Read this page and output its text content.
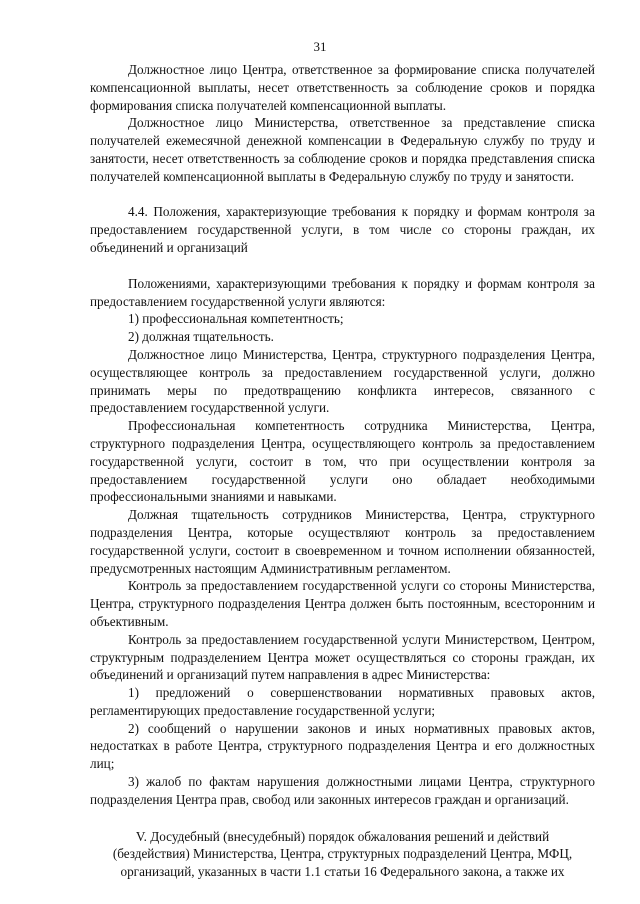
31

Должностное лицо Центра, ответственное за формирование списка получателей компенсационной выплаты, несет ответственность за соблюдение сроков и порядка формирования списка получателей компенсационной выплаты.

Должностное лицо Министерства, ответственное за представление списка получателей ежемесячной денежной компенсации в Федеральную службу по труду и занятости, несет ответственность за соблюдение сроков и порядка представления списка получателей компенсационной выплаты в Федеральную службу по труду и занятости.

4.4. Положения, характеризующие требования к порядку и формам контроля за предоставлением государственной услуги, в том числе со стороны граждан, их объединений и организаций

Положениями, характеризующими требования к порядку и формам контроля за предоставлением государственной услуги являются:

1) профессиональная компетентность;

2) должная тщательность.

Должностное лицо Министерства, Центра, структурного подразделения Центра, осуществляющее контроль за предоставлением государственной услуги, должно принимать меры по предотвращению конфликта интересов, связанного с предоставлением государственной услуги.

Профессиональная компетентность сотрудника Министерства, Центра, структурного подразделения Центра, осуществляющего контроль за предоставлением государственной услуги, состоит в том, что при осуществлении контроля за предоставлением государственной услуги оно обладает необходимыми профессиональными знаниями и навыками.

Должная тщательность сотрудников Министерства, Центра, структурного подразделения Центра, которые осуществляют контроль за предоставлением государственной услуги, состоит в своевременном и точном исполнении обязанностей, предусмотренных настоящим Административным регламентом.

Контроль за предоставлением государственной услуги со стороны Министерства, Центра, структурного подразделения Центра должен быть постоянным, всесторонним и объективным.

Контроль за предоставлением государственной услуги Министерством, Центром, структурным подразделением Центра может осуществляться со стороны граждан, их объединений и организаций путем направления в адрес Министерства:

1) предложений о совершенствовании нормативных правовых актов, регламентирующих предоставление государственной услуги;

2) сообщений о нарушении законов и иных нормативных правовых актов, недостатках в работе Центра, структурного подразделения Центра и его должностных лиц;

3) жалоб по фактам нарушения должностными лицами Центра, структурного подразделения Центра прав, свобод или законных интересов граждан и организаций.

V. Досудебный (внесудебный) порядок обжалования решений и действий
(бездействия) Министерства, Центра, структурных подразделений Центра, МФЦ,
организаций, указанных в части 1.1 статьи 16 Федерального закона, а также их
